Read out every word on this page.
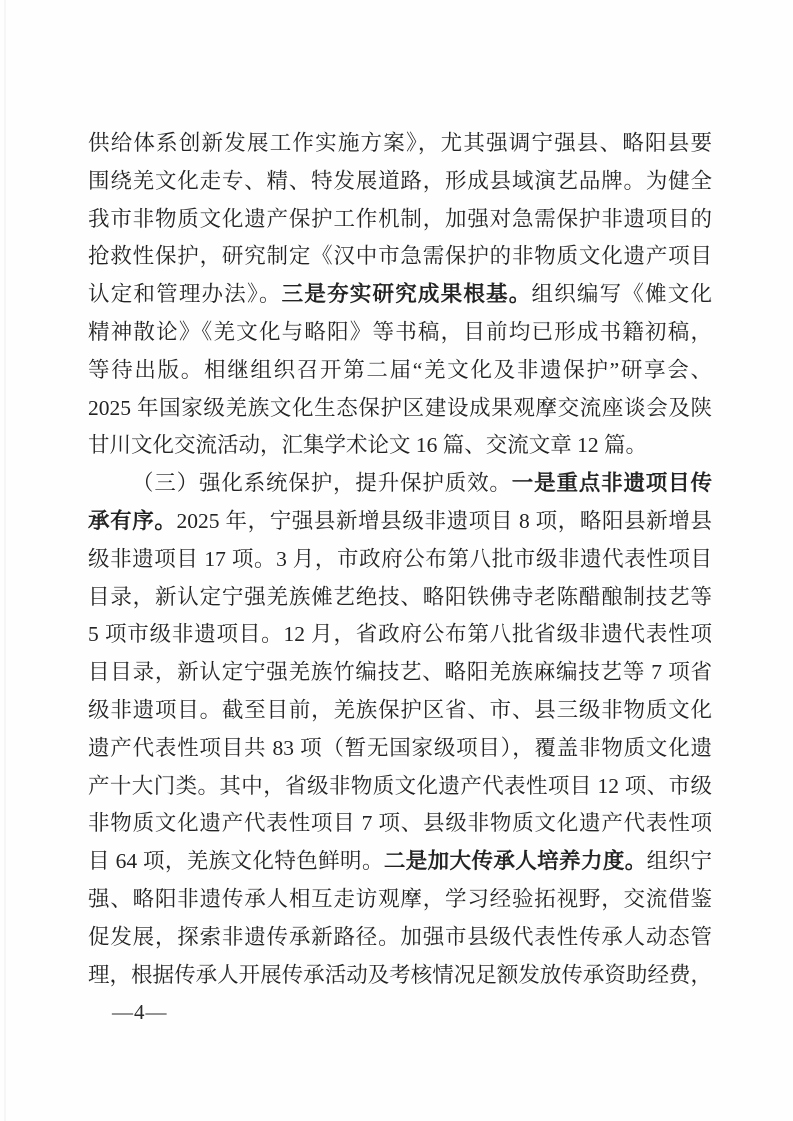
供给体系创新发展工作实施方案》，尤其强调宁强县、略阳县要
围绕羌文化走专、精、特发展道路，形成县域演艺品牌。为健全
我市非物质文化遗产保护工作机制，加强对急需保护非遗项目的
抢救性保护，研究制定《汉中市急需保护的非物质文化遗产项目
认定和管理办法》。三是夯实研究成果根基。组织编写《傩文化
精神散论》《羌文化与略阳》等书稿，目前均已形成书籍初稿，
等待出版。相继组织召开第二届“羌文化及非遗保护”研享会、
2025 年国家级羌族文化生态保护区建设成果观摩交流座谈会及陕
甘川文化交流活动，汇集学术论文 16 篇、交流文章 12 篇。
（三）强化系统保护，提升保护质效。一是重点非遗项目传
承有序。2025 年，宁强县新增县级非遗项目 8 项，略阳县新增县
级非遗项目 17 项。3 月，市政府公布第八批市级非遗代表性项目
目录，新认定宁强羌族傩艺绝技、略阳铁佛寺老陈醋酿制技艺等
5 项市级非遗项目。12 月，省政府公布第八批省级非遗代表性项
目目录，新认定宁强羌族竹编技艺、略阳羌族麻编技艺等 7 项省
级非遗项目。截至目前，羌族保护区省、市、县三级非物质文化
遗产代表性项目共 83 项（暂无国家级项目），覆盖非物质文化遗
产十大门类。其中，省级非物质文化遗产代表性项目 12 项、市级
非物质文化遗产代表性项目 7 项、县级非物质文化遗产代表性项
目 64 项，羌族文化特色鲜明。二是加大传承人培养力度。组织宁
强、略阳非遗传承人相互走访观摩，学习经验拓视野，交流借鉴
促发展，探索非遗传承新路径。加强市县级代表性传承人动态管
理，根据传承人开展传承活动及考核情况足额发放传承资助经费，
—4—
